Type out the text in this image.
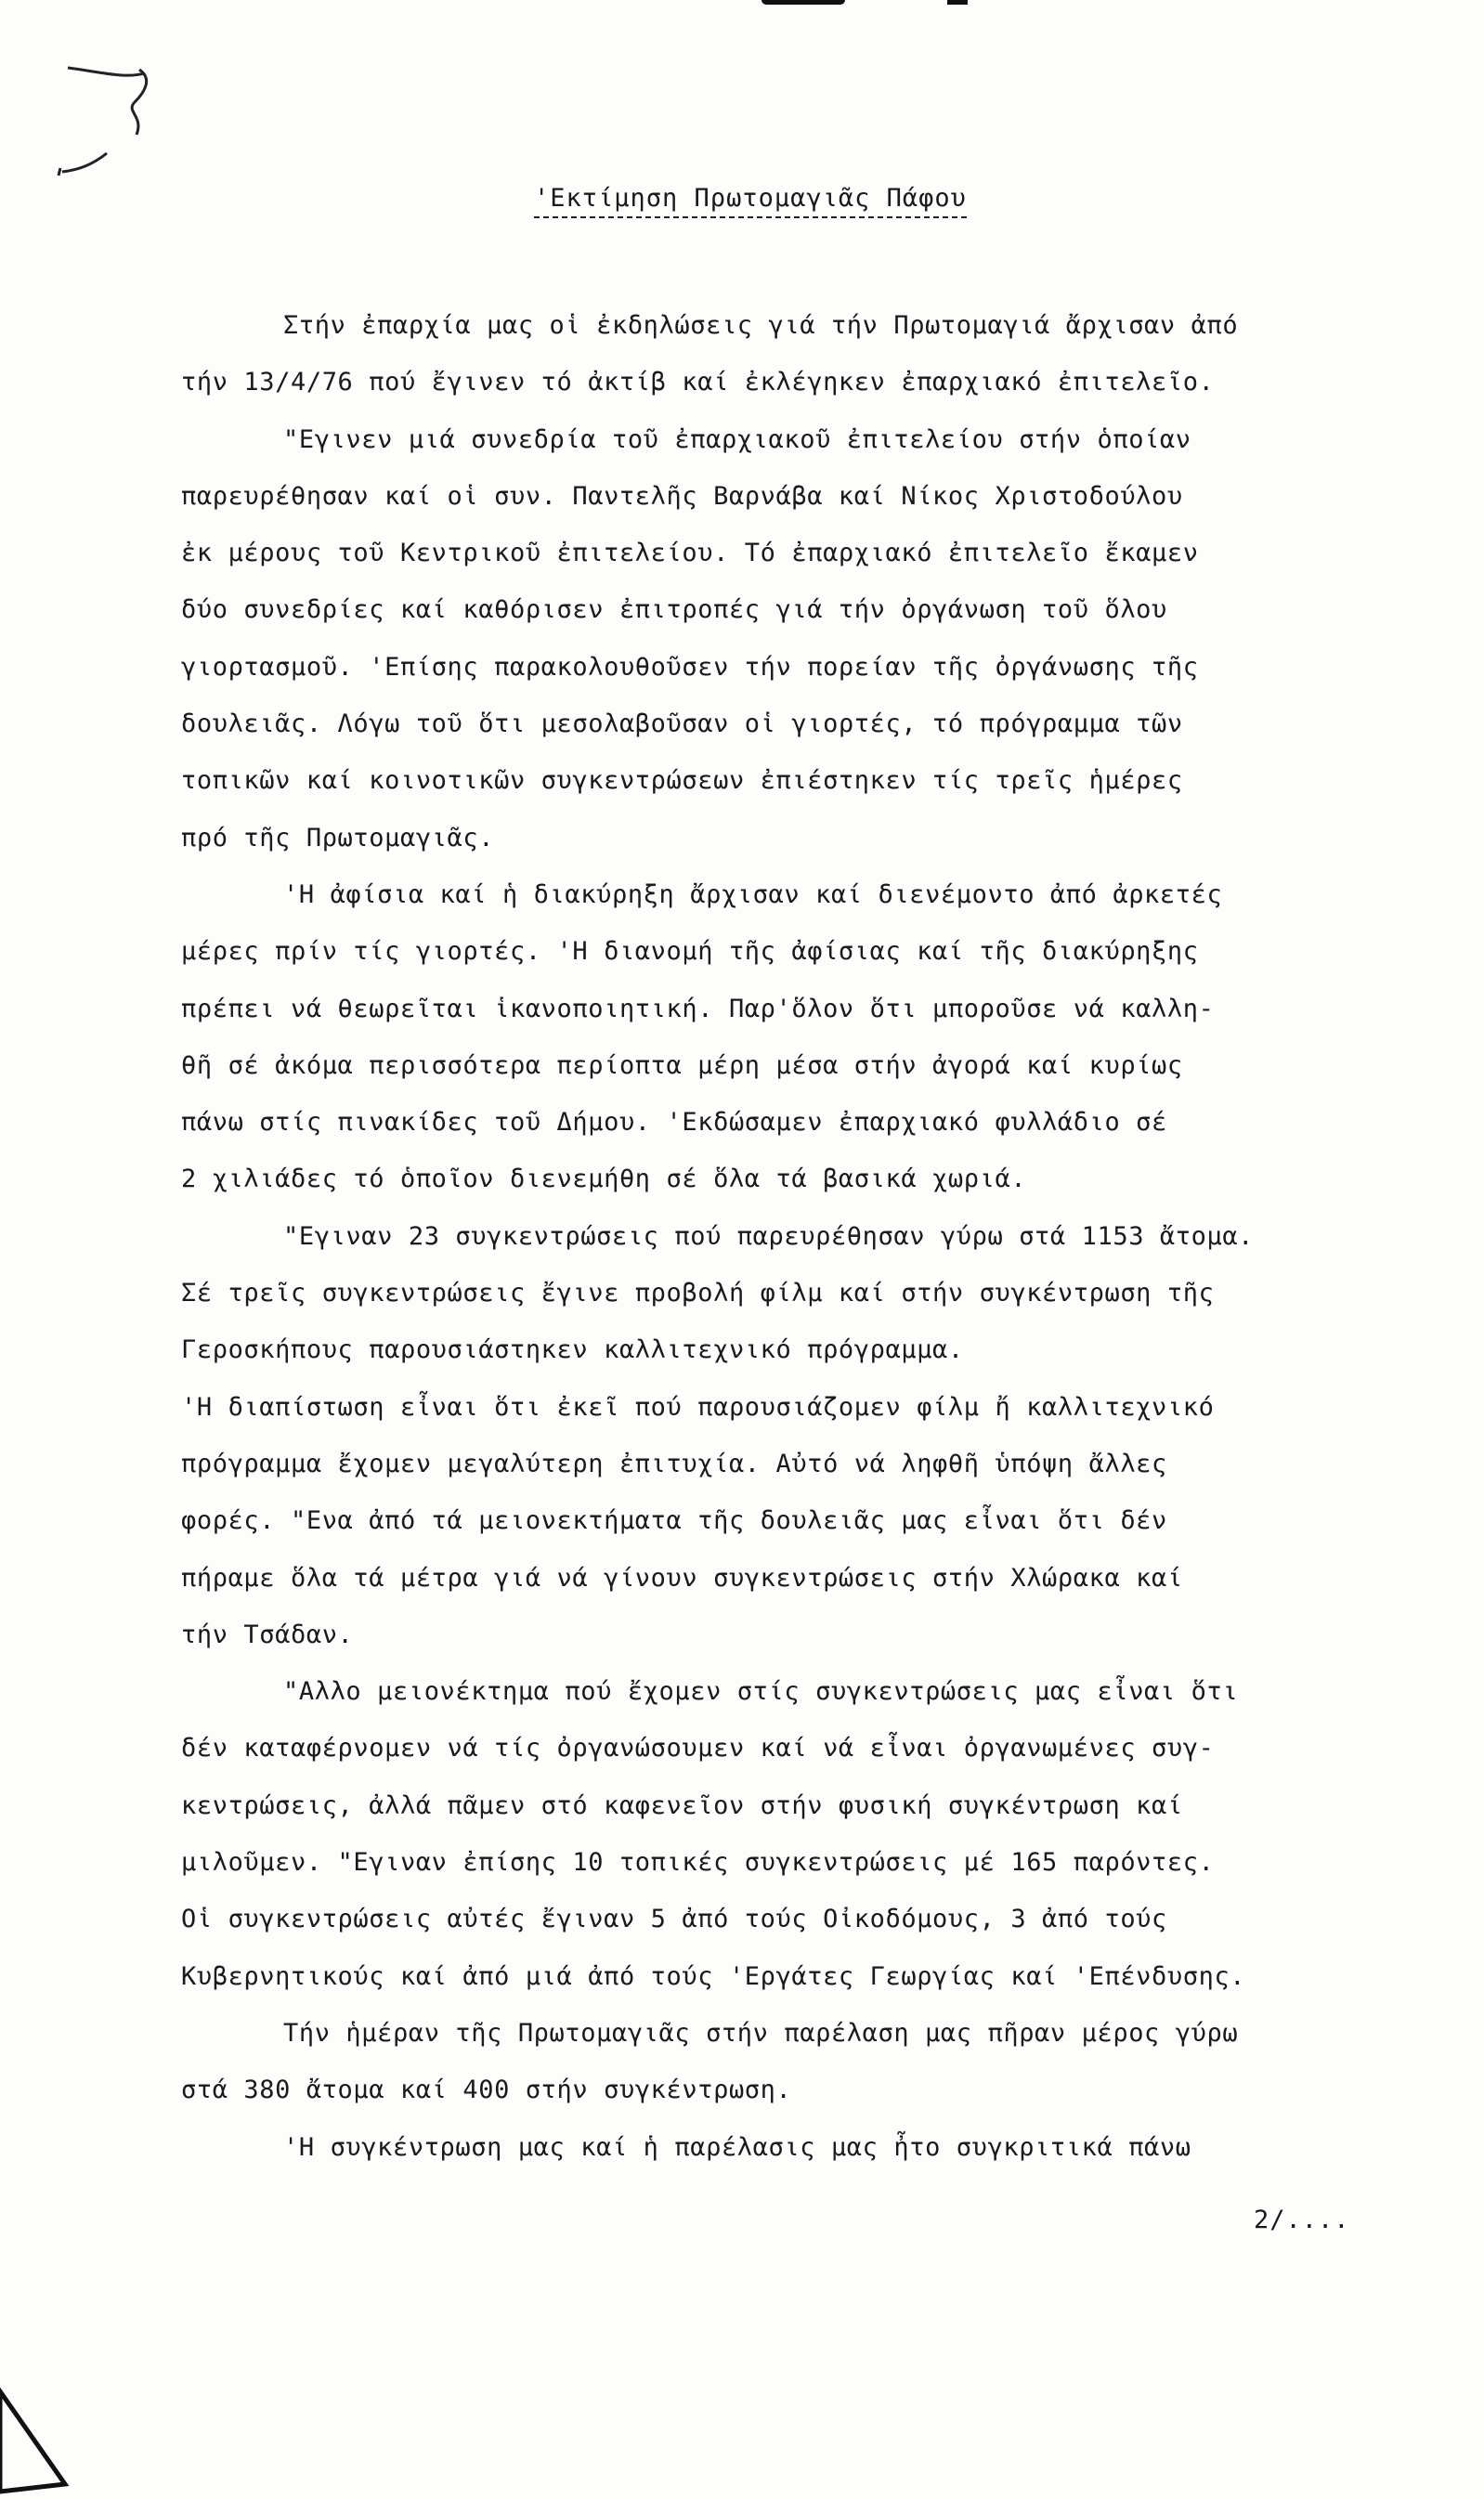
'Εκτίμηση Πρωτομαγιᾶς Πάφου
Στήν ἐπαρχία μας οἱ ἐκδηλώσεις γιά τήν Πρωτομαγιά ἄρχισαν ἀπό
τήν 13/4/76 πού ἔγινεν τό ἀκτίβ καί ἐκλέγηκεν ἐπαρχιακό ἐπιτελεῖο.
"Εγινεν μιά συνεδρία τοῦ ἐπαρχιακοῦ ἐπιτελείου στήν ὁποίαν
παρευρέθησαν καί οἱ συν. Παντελῆς Βαρνάβα καί Νίκος Χριστοδούλου
ἐκ μέρους τοῦ Κεντρικοῦ ἐπιτελείου. Τό ἐπαρχιακό ἐπιτελεῖο ἔκαμεν
δύο συνεδρίες καί καθόρισεν ἐπιτροπές γιά τήν ὀργάνωση τοῦ ὅλου
γιορτασμοῦ. 'Επίσης παρακολουθοῦσεν τήν πορείαν τῆς ὀργάνωσης τῆς
δουλειᾶς. Λόγω τοῦ ὅτι μεσολαβοῦσαν οἱ γιορτές, τό πρόγραμμα τῶν
τοπικῶν καί κοινοτικῶν συγκεντρώσεων ἐπιέστηκεν τίς τρεῖς ἡμέρες
πρό τῆς Πρωτομαγιᾶς.
'Η ἀφίσια καί ἡ διακύρηξη ἄρχισαν καί διενέμοντο ἀπό ἀρκετές
μέρες πρίν τίς γιορτές. 'Η διανομή τῆς ἀφίσιας καί τῆς διακύρηξης
πρέπει νά θεωρεῖται ἱκανοποιητική. Παρ'ὅλον ὅτι μποροῦσε νά καλλη-
θῆ σέ ἀκόμα περισσότερα περίοπτα μέρη μέσα στήν ἀγορά καί κυρίως
πάνω στίς πινακίδες τοῦ Δήμου. 'Εκδώσαμεν ἐπαρχιακό φυλλάδιο σέ
2 χιλιάδες τό ὁποῖον διενεμήθη σέ ὅλα τά βασικά χωριά.
"Εγιναν 23 συγκεντρώσεις πού παρευρέθησαν γύρω στά 1153 ἄτομα.
Σέ τρεῖς συγκεντρώσεις ἔγινε προβολή φίλμ καί στήν συγκέντρωση τῆς
Γεροσκήπους παρουσιάστηκεν καλλιτεχνικό πρόγραμμα.
'Η διαπίστωση εἶναι ὅτι ἐκεῖ πού παρουσιάζομεν φίλμ ἤ καλλιτεχνικό
πρόγραμμα ἔχομεν μεγαλύτερη ἐπιτυχία. Αὐτό νά ληφθῆ ὑπόψη ἄλλες
φορές. "Ενα ἀπό τά μειονεκτήματα τῆς δουλειᾶς μας εἶναι ὅτι δέν
πήραμε ὅλα τά μέτρα γιά νά γίνουν συγκεντρώσεις στήν Χλώρακα καί
τήν Τσάδαν.
"Αλλο μειονέκτημα πού ἔχομεν στίς συγκεντρώσεις μας εἶναι ὅτι
δέν καταφέρνομεν νά τίς ὀργανώσουμεν καί νά εἶναι ὀργανωμένες συγ-
κεντρώσεις, ἀλλά πᾶμεν στό καφενεῖον στήν φυσική συγκέντρωση καί
μιλοῦμεν. "Εγιναν ἐπίσης 10 τοπικές συγκεντρώσεις μέ 165 παρόντες.
Οἱ συγκεντρώσεις αὐτές ἔγιναν 5 ἀπό τούς Οἰκοδόμους, 3 ἀπό τούς
Κυβερνητικούς καί ἀπό μιά ἀπό τούς 'Εργάτες Γεωργίας καί 'Επένδυσης.
Τήν ἡμέραν τῆς Πρωτομαγιᾶς στήν παρέλαση μας πῆραν μέρος γύρω
στά 380 ἄτομα καί 400 στήν συγκέντρωση.
'Η συγκέντρωση μας καί ἡ παρέλασις μας ἦτο συγκριτικά πάνω
2/....
